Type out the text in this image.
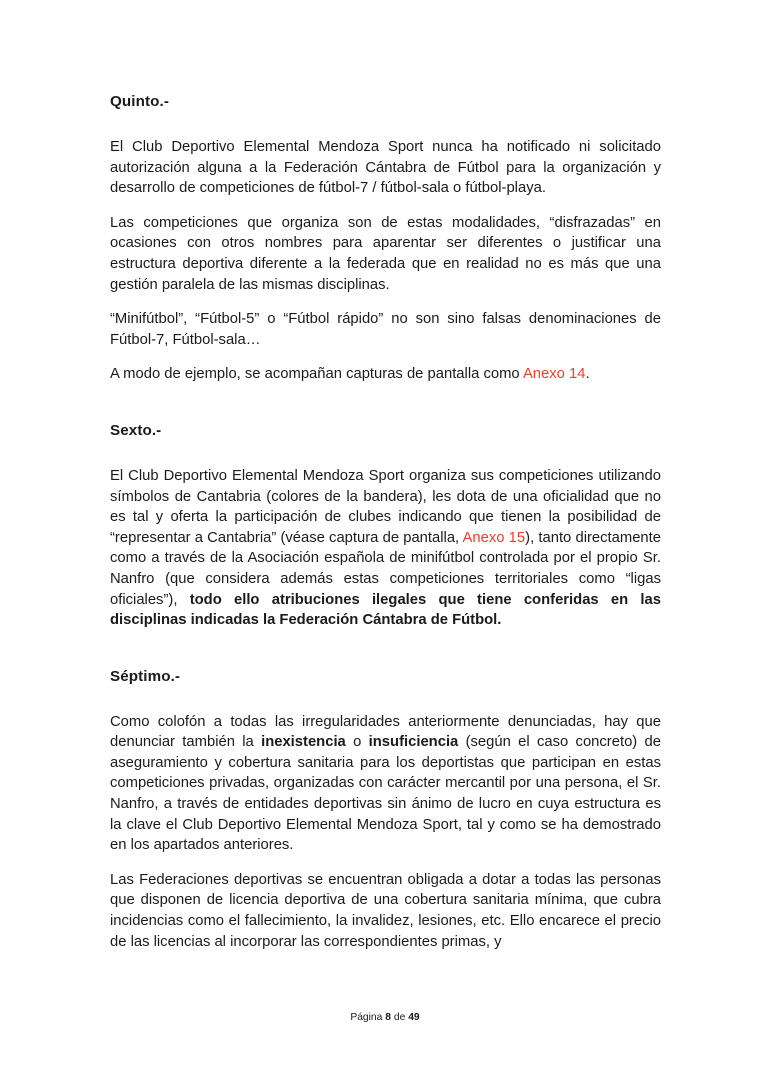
Quinto.-

El Club Deportivo Elemental Mendoza Sport nunca ha notificado ni solicitado autorización alguna a la Federación Cántabra de Fútbol para la organización y desarrollo de competiciones de fútbol-7 / fútbol-sala o fútbol-playa.

Las competiciones que organiza son de estas modalidades, “disfrazadas” en ocasiones con otros nombres para aparentar ser diferentes o justificar una estructura deportiva diferente a la federada que en realidad no es más que una gestión paralela de las mismas disciplinas.

“Minifútbol”, “Fútbol-5” o “Fútbol rápido” no son sino falsas denominaciones de Fútbol-7, Fútbol-sala…

A modo de ejemplo, se acompañan capturas de pantalla como Anexo 14.

Sexto.-

El Club Deportivo Elemental Mendoza Sport organiza sus competiciones utilizando símbolos de Cantabria (colores de la bandera), les dota de una oficialidad que no es tal y oferta la participación de clubes indicando que tienen la posibilidad de “representar a Cantabria” (véase captura de pantalla, Anexo 15), tanto directamente como a través de la Asociación española de minifútbol controlada por el propio Sr. Nanfro (que considera además estas competiciones territoriales como “ligas oficiales”), todo ello atribuciones ilegales que tiene conferidas en las disciplinas indicadas la Federación Cántabra de Fútbol.

Séptimo.-

Como colofón a todas las irregularidades anteriormente denunciadas, hay que denunciar también la inexistencia o insuficiencia (según el caso concreto) de aseguramiento y cobertura sanitaria para los deportistas que participan en estas competiciones privadas, organizadas con carácter mercantil por una persona, el Sr. Nanfro, a través de entidades deportivas sin ánimo de lucro en cuya estructura es la clave el Club Deportivo Elemental Mendoza Sport, tal y como se ha demostrado en los apartados anteriores.

Las Federaciones deportivas se encuentran obligada a dotar a todas las personas que disponen de licencia deportiva de una cobertura sanitaria mínima, que cubra incidencias como el fallecimiento, la invalidez, lesiones, etc. Ello encarece el precio de las licencias al incorporar las correspondientes primas, y

Página 8 de 49
